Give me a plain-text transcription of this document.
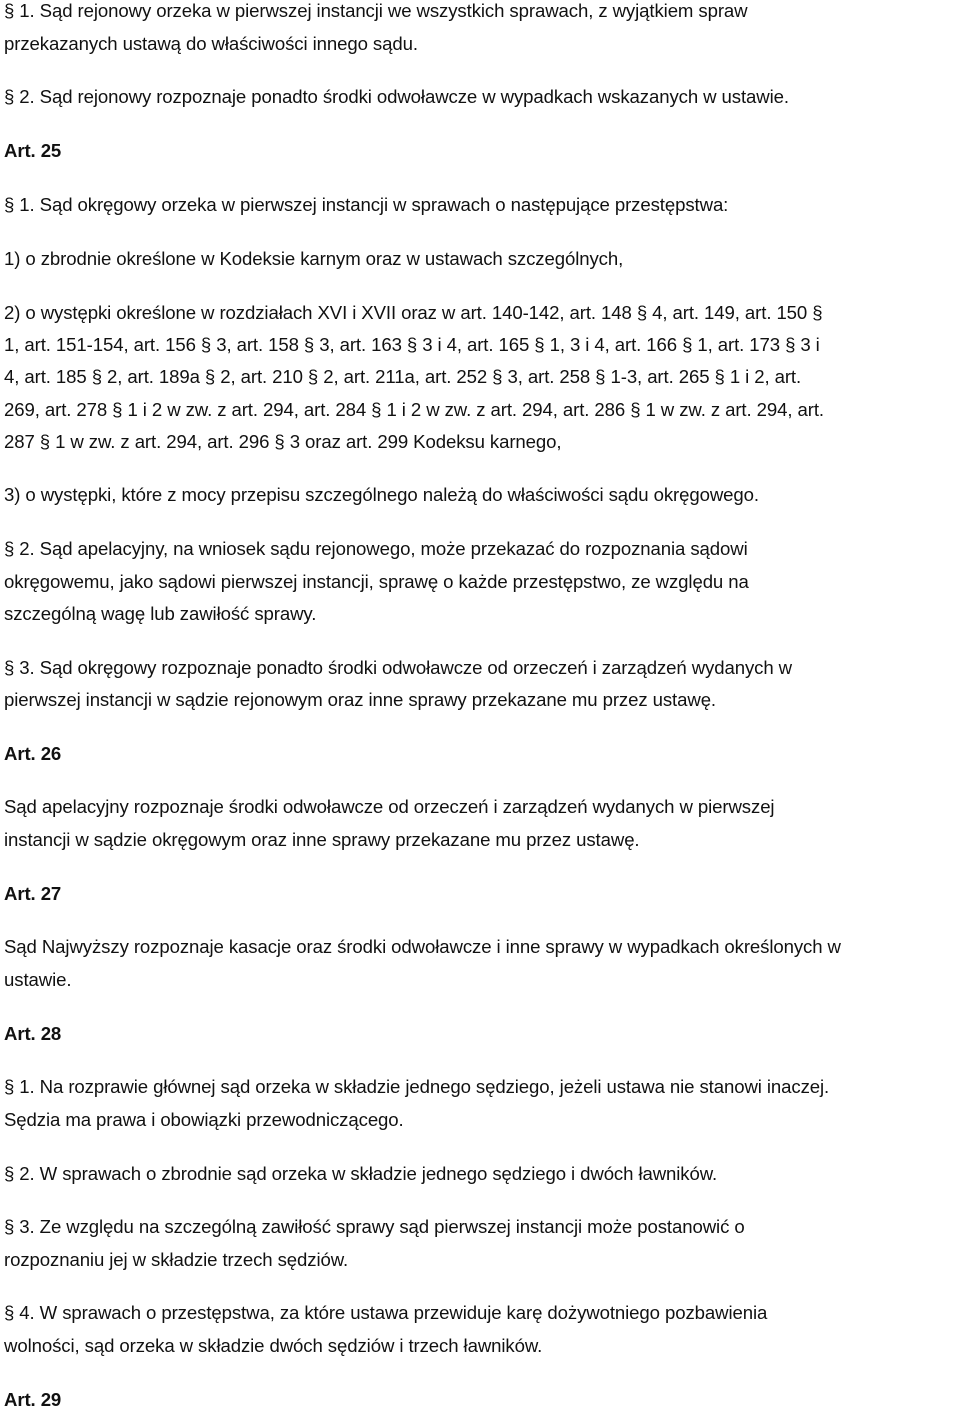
§ 1. Sąd rejonowy orzeka w pierwszej instancji we wszystkich sprawach, z wyjątkiem spraw
przekazanych ustawą do właściwości innego sądu.
§ 2. Sąd rejonowy rozpoznaje ponadto środki odwoławcze w wypadkach wskazanych w ustawie.
Art. 25
§ 1. Sąd okręgowy orzeka w pierwszej instancji w sprawach o następujące przestępstwa:
1) o zbrodnie określone w Kodeksie karnym oraz w ustawach szczególnych,
2) o występki określone w rozdziałach XVI i XVII oraz w art. 140-142, art. 148 § 4, art. 149, art. 150 §
1, art. 151-154, art. 156 § 3, art. 158 § 3, art. 163 § 3 i 4, art. 165 § 1, 3 i 4, art. 166 § 1, art. 173 § 3 i
4, art. 185 § 2, art. 189a § 2, art. 210 § 2, art. 211a, art. 252 § 3, art. 258 § 1-3, art. 265 § 1 i 2, art.
269, art. 278 § 1 i 2 w zw. z art. 294, art. 284 § 1 i 2 w zw. z art. 294, art. 286 § 1 w zw. z art. 294, art.
287 § 1 w zw. z art. 294, art. 296 § 3 oraz art. 299 Kodeksu karnego,
3) o występki, które z mocy przepisu szczególnego należą do właściwości sądu okręgowego.
§ 2. Sąd apelacyjny, na wniosek sądu rejonowego, może przekazać do rozpoznania sądowi
okręgowemu, jako sądowi pierwszej instancji, sprawę o każde przestępstwo, ze względu na
szczególną wagę lub zawiłość sprawy.
§ 3. Sąd okręgowy rozpoznaje ponadto środki odwoławcze od orzeczeń i zarządzeń wydanych w
pierwszej instancji w sądzie rejonowym oraz inne sprawy przekazane mu przez ustawę.
Art. 26
Sąd apelacyjny rozpoznaje środki odwoławcze od orzeczeń i zarządzeń wydanych w pierwszej
instancji w sądzie okręgowym oraz inne sprawy przekazane mu przez ustawę.
Art. 27
Sąd Najwyższy rozpoznaje kasacje oraz środki odwoławcze i inne sprawy w wypadkach określonych w
ustawie.
Art. 28
§ 1. Na rozprawie głównej sąd orzeka w składzie jednego sędziego, jeżeli ustawa nie stanowi inaczej.
Sędzia ma prawa i obowiązki przewodniczącego.
§ 2. W sprawach o zbrodnie sąd orzeka w składzie jednego sędziego i dwóch ławników.
§ 3. Ze względu na szczególną zawiłość sprawy sąd pierwszej instancji może postanowić o
rozpoznaniu jej w składzie trzech sędziów.
§ 4. W sprawach o przestępstwa, za które ustawa przewiduje karę dożywotniego pozbawienia
wolności, sąd orzeka w składzie dwóch sędziów i trzech ławników.
Art. 29
